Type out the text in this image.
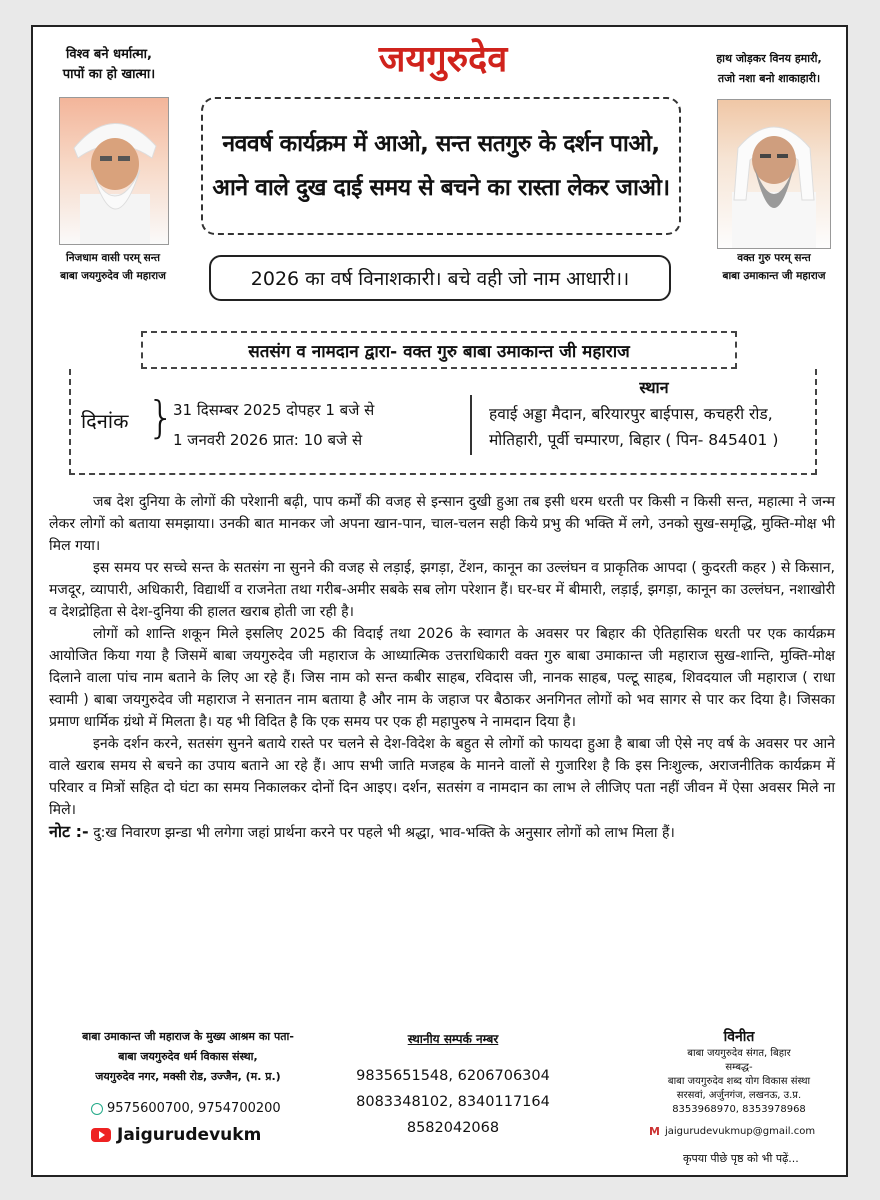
विश्व बने धर्मात्मा,
पापों का हो खात्मा।	जयगुरुदेव	हाथ जोड़कर विनय हमारी,
तजो नशा बनो शाकाहारी।
निजधाम वासी परम् सन्त
बाबा जयगुरुदेव जी महाराज
वक्त गुरु परम् सन्त
बाबा उमाकान्त जी महाराज
नववर्ष कार्यक्रम में आओ, सन्त सतगुरु के दर्शन पाओ,
आने वाले दुख दाई समय से बचने का रास्ता लेकर जाओ।
2026 का वर्ष विनाशकारी। बचे वही जो नाम आधारी।।
सतसंग व नामदान द्वारा- वक्त गुरु बाबा उमाकान्त जी महाराज
दिनांक }
31 दिसम्बर 2025 दोपहर 1 बजे से
1 जनवरी 2026 प्रात: 10 बजे से
स्थान
हवाई अड्डा मैदान, बरियारपुर बाईपास, कचहरी रोड,
मोतिहारी, पूर्वी चम्पारण, बिहार ( पिन- 845401 )

जब देश दुनिया के लोगों की परेशानी बढ़ी, पाप कर्मों की वजह से इन्सान दुखी हुआ तब इसी धरम धरती पर किसी न किसी सन्त, महात्मा ने जन्म लेकर लोगों को बताया समझाया। उनकी बात मानकर जो अपना खान-पान, चाल-चलन सही किये प्रभु की भक्ति में लगे, उनको सुख-समृद्धि, मुक्ति-मोक्ष भी मिल गया।

इस समय पर सच्चे सन्त के सतसंग ना सुनने की वजह से लड़ाई, झगड़ा, टेंशन, कानून का उल्लंघन व प्राकृतिक आपदा ( कुदरती कहर ) से किसान, मजदूर, व्यापारी, अधिकारी, विद्यार्थी व राजनेता तथा गरीब-अमीर सबके सब लोग परेशान हैं। घर-घर में बीमारी, लड़ाई, झगड़ा, कानून का उल्लंघन, नशाखोरी व देशद्रोहिता से देश-दुनिया की हालत खराब होती जा रही है।

लोगों को शान्ति शकून मिले इसलिए 2025 की विदाई तथा 2026 के स्वागत के अवसर पर बिहार की ऐतिहासिक धरती पर एक कार्यक्रम आयोजित किया गया है जिसमें बाबा जयगुरुदेव जी महाराज के आध्यात्मिक उत्तराधिकारी वक्त गुरु बाबा उमाकान्त जी महाराज सुख-शान्ति, मुक्ति-मोक्ष दिलाने वाला पांच नाम बताने के लिए आ रहे हैं। जिस नाम को सन्त कबीर साहब, रविदास जी, नानक साहब, पल्टू साहब, शिवदयाल जी महाराज ( राधा स्वामी ) बाबा जयगुरुदेव जी महाराज ने सनातन नाम बताया है और नाम के जहाज पर बैठाकर अनगिनत लोगों को भव सागर से पार कर दिया है। जिसका प्रमाण धार्मिक ग्रंथो में मिलता है। यह भी विदित है कि एक समय पर एक ही महापुरुष ने नामदान दिया है।

इनके दर्शन करने, सतसंग सुनने बताये रास्ते पर चलने से देश-विदेश के बहुत से लोगों को फायदा हुआ है बाबा जी ऐसे नए वर्ष के अवसर पर आने वाले खराब समय से बचने का उपाय बताने आ रहे हैं। आप सभी जाति मजहब के मानने वालों से गुजारिश है कि इस निःशुल्क, अराजनीतिक कार्यक्रम में परिवार व मित्रों सहित दो घंटा का समय निकालकर दोनों दिन आइए। दर्शन, सतसंग व नामदान का लाभ ले लीजिए पता नहीं जीवन में ऐसा अवसर मिले ना मिले।

नोट :- दु:ख निवारण झन्डा भी लगेगा जहां प्रार्थना करने पर पहले भी श्रद्धा, भाव-भक्ति के अनुसार लोगों को लाभ मिला हैं।

बाबा उमाकान्त जी महाराज के मुख्य आश्रम का पता-
बाबा जयगुरुदेव धर्म विकास संस्था,
जयगुरुदेव नगर, मक्सी रोड, उज्जैन, (म. प्र.)
9575600700, 9754700200
Jaigurudevukm
स्थानीय सम्पर्क नम्बर
9835651548, 6206706304
8083348102, 8340117164
8582042068
विनीत
बाबा जयगुरुदेव संगत, बिहार
सम्बद्ध-
बाबा जयगुरुदेव शब्द योग विकास संस्था
सरसवां, अर्जुनगंज, लखनऊ, उ.प्र.
8353968970, 8353978968
M jaigurudevukmup@gmail.com
कृपया पीछे पृष्ठ को भी पढ़ें...
